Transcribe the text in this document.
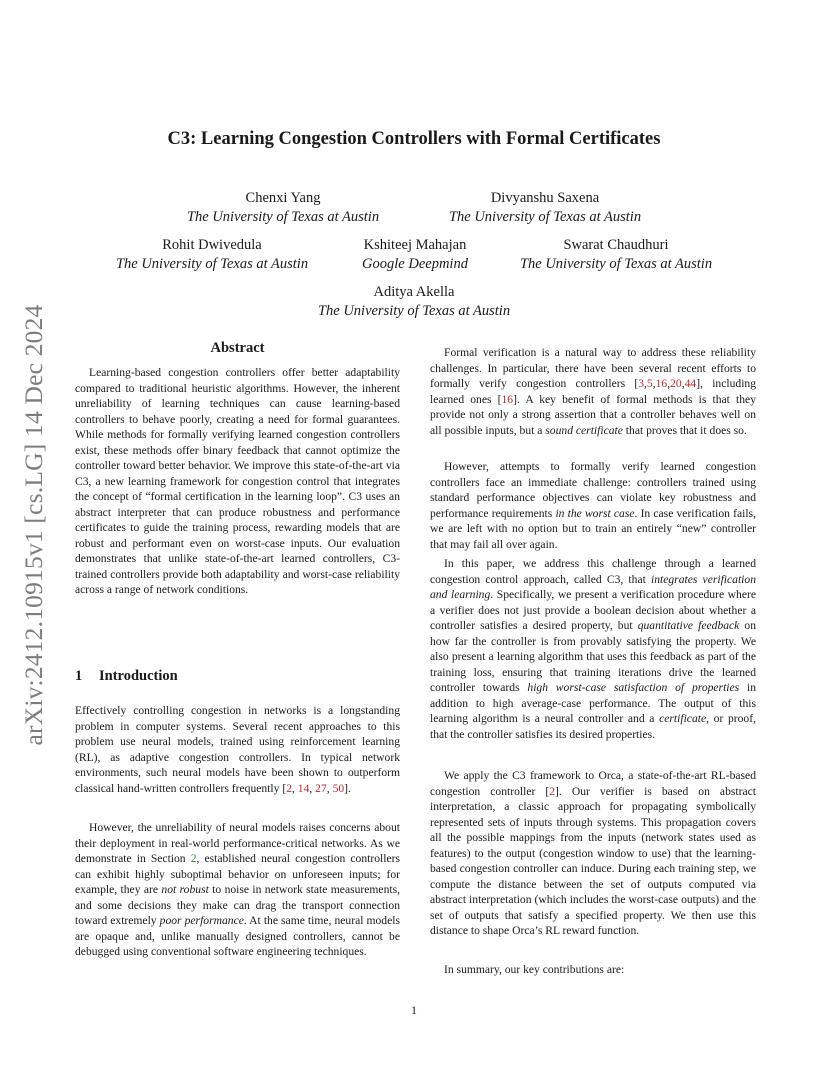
arXiv:2412.10915v1 [cs.LG] 14 Dec 2024
C3: Learning Congestion Controllers with Formal Certificates
Chenxi Yang
The University of Texas at Austin
Divyanshu Saxena
The University of Texas at Austin
Rohit Dwivedula
The University of Texas at Austin
Kshiteej Mahajan
Google Deepmind
Swarat Chaudhuri
The University of Texas at Austin
Aditya Akella
The University of Texas at Austin
Abstract

Learning-based congestion controllers offer better adaptability compared to traditional heuristic algorithms. However, the inherent unreliability of learning techniques can cause learning-based controllers to behave poorly, creating a need for formal guarantees. While methods for formally verifying learned congestion controllers exist, these methods offer binary feedback that cannot optimize the controller toward better behavior. We improve this state-of-the-art via C3, a new learning framework for congestion control that integrates the concept of “formal certification in the learning loop”. C3 uses an abstract interpreter that can produce robustness and performance certificates to guide the training process, rewarding models that are robust and performant even on worst-case inputs. Our evaluation demonstrates that unlike state-of-the-art learned controllers, C3-trained controllers provide both adaptability and worst-case reliability across a range of network conditions.

1 Introduction

Effectively controlling congestion in networks is a longstanding problem in computer systems. Several recent approaches to this problem use neural models, trained using reinforcement learning (RL), as adaptive congestion controllers. In typical network environments, such neural models have been shown to outperform classical hand-written controllers frequently [2, 14, 27, 50].

However, the unreliability of neural models raises concerns about their deployment in real-world performance-critical networks. As we demonstrate in Section 2, established neural congestion controllers can exhibit highly suboptimal behavior on unforeseen inputs; for example, they are not robust to noise in network state measurements, and some decisions they make can drag the transport connection toward extremely poor performance. At the same time, neural models are opaque and, unlike manually designed controllers, cannot be debugged using conventional software engineering techniques.

Formal verification is a natural way to address these reliability challenges. In particular, there have been several recent efforts to formally verify congestion controllers [3,5,16,20,44], including learned ones [16]. A key benefit of formal methods is that they provide not only a strong assertion that a controller behaves well on all possible inputs, but a sound certificate that proves that it does so.

However, attempts to formally verify learned congestion controllers face an immediate challenge: controllers trained using standard performance objectives can violate key robustness and performance requirements in the worst case. In case verification fails, we are left with no option but to train an entirely “new” controller that may fail all over again.

In this paper, we address this challenge through a learned congestion control approach, called C3, that integrates verification and learning. Specifically, we present a verification procedure where a verifier does not just provide a boolean decision about whether a controller satisfies a desired property, but quantitative feedback on how far the controller is from provably satisfying the property. We also present a learning algorithm that uses this feedback as part of the training loss, ensuring that training iterations drive the learned controller towards high worst-case satisfaction of properties in addition to high average-case performance. The output of this learning algorithm is a neural controller and a certificate, or proof, that the controller satisfies its desired properties.

We apply the C3 framework to Orca, a state-of-the-art RL-based congestion controller [2]. Our verifier is based on abstract interpretation, a classic approach for propagating symbolically represented sets of inputs through systems. This propagation covers all the possible mappings from the inputs (network states used as features) to the output (congestion window to use) that the learning-based congestion controller can induce. During each training step, we compute the distance between the set of outputs computed via abstract interpretation (which includes the worst-case outputs) and the set of outputs that satisfy a specified property. We then use this distance to shape Orca’s RL reward function.

In summary, our key contributions are:

1
